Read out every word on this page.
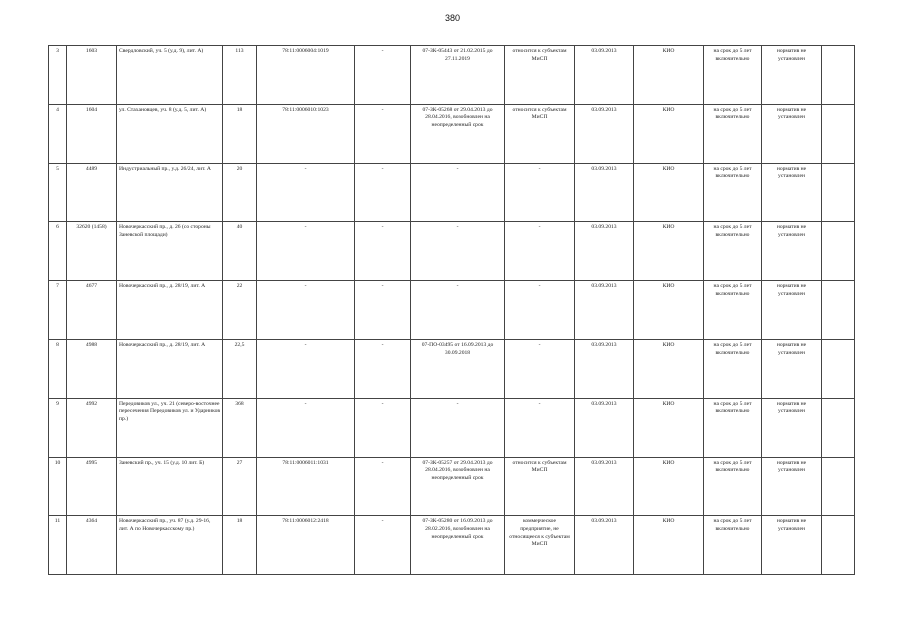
380
3	1603	Свердловский, уч. 5 (у.д. 9), лит. А)	113	78:11:0006004:1019	-	07-ЗК-05443 от 21.02.2015 до 27.11.2019	относится к субъектам МиСП	03.09.2013	КИО	на срок до 5 лет включительно	норматив не установлен	
4	1604	ул. Стахановцев, уч. 8 (у.д. 5, лит. А)	18	78:11:0006010:1023	-	07-ЗК-05268 от 29.04.2013 до 28.04.2016, возобновлен на неопределенный срок	относится к субъектам МиСП	03.09.2013	КИО	на срок до 5 лет включительно	норматив не установлен	
5	4489	Индустриальный пр., у.д. 26/24, лит. А	20	-	-	-	-	03.09.2013	КИО	на срок до 5 лет включительно	норматив не установлен	
6	32620 (1458)	Новочеркасский пр., д. 26 (со стороны Заневской площади)	40	-	-	-	-	03.09.2013	КИО	на срок до 5 лет включительно	норматив не установлен	
7	4677	Новочеркасский пр., д. 28/19, лит. А	22	-	-	-	-	03.09.2013	КИО	на срок до 5 лет включительно	норматив не установлен	
8	4988	Новочеркасский пр., д. 28/19, лит. А	22,5	-	-	07-ПО-03495 от 16.09.2013 до 30.09.2018	-	03.09.2013	КИО	на срок до 5 лет включительно	норматив не установлен	
9	4992	Передовиков ул., уч. 21 (северо-восточнее пересечения Передовиков ул. и Ударников пр.)	368	-	-	-	-	03.09.2013	КИО	на срок до 5 лет включительно	норматив не установлен	
10	4995	Заневский пр., уч. 15 (у.д. 10 лит. Б)	27	78:11:0006011:1031	-	07-ЗК-05257 от 29.04.2013 до 28.04.2016, возобновлен на неопределенный срок	относится к субъектам МиСП	03.09.2013	КИО	на срок до 5 лет включительно	норматив не установлен	
11	4364	Новочеркасский пр., уч. 87 (у.д. 29-16, лит. А по Новочеркасскому пр.)	18	78:11:0006012:2418	-	07-ЗК-05280 от 16.09.2013 до 28.02.2016, возобновлен на неопределенный срок	коммерческое предприятие, не относящееся к субъектам МиСП	03.09.2013	КИО	на срок до 5 лет включительно	норматив не установлен	
